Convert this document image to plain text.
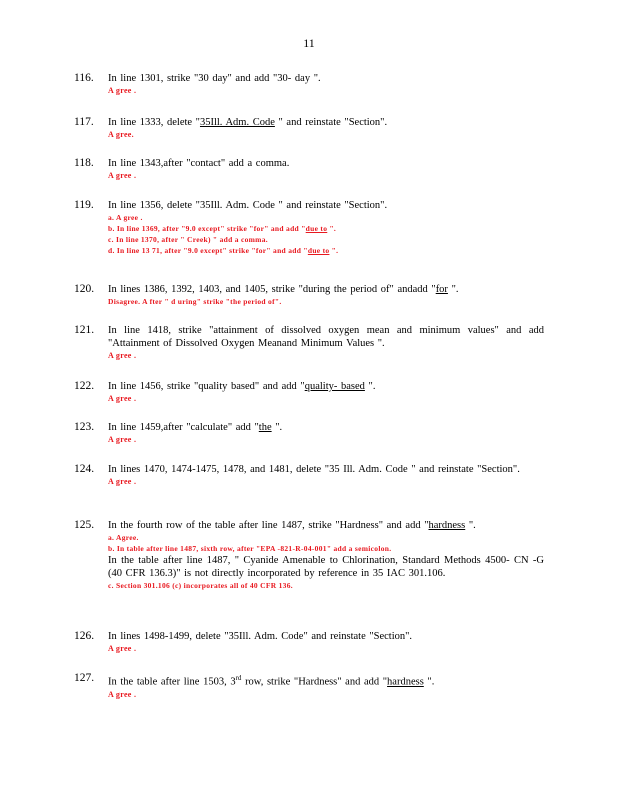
11
116. In line 1301, strike "30 day" and add "30- day ".
A gree .
117. In line 1333, delete "35Ill. Adm. Code " and reinstate "Section".
A gree.
118. In line 1343,after "contact" add a comma.
A gree .
119. In line 1356, delete "35Ill. Adm. Code " and reinstate "Section".
a. A gree .
b. In line 1369, after "9.0 except" strike "for" and add "due to ".
c. In line 1370, after " Creek) " add a comma.
d. In line 13 71, after "9.0 except" strike "for" and add "due to ".
120. In lines 1386, 1392, 1403, and 1405, strike "during the period of" andadd "for ".
Disagree. A fter " d uring" strike "the period of".
121. In line 1418, strike "attainment of dissolved oxygen mean and minimum values" and add "Attainment of Dissolved Oxygen Meanand Minimum Values ".
A gree .
122. In line 1456, strike "quality based" and add "quality- based ".
A gree .
123. In line 1459,after "calculate" add "the ".
A gree .
124. In lines 1470, 1474-1475, 1478, and 1481, delete "35 Ill. Adm. Code " and reinstate "Section".
A gree .
125. In the fourth row of the table after line 1487, strike "Hardness" and add "hardness ".
a. Agree.
b. In table after line 1487, sixth row, after "EPA -821-R-04-001" add a semicolon.
In the table after line 1487, " Cyanide Amenable to Chlorination, Standard Methods 4500- CN -G (40 CFR 136.3)" is not directly incorporated by reference in 35 IAC 301.106.
c. Section 301.106 (c) incorporates all of 40 CFR 136.
126. In lines 1498-1499, delete "35Ill. Adm. Code" and reinstate "Section".
A gree .
127. In the table after line 1503, 3rd row, strike "Hardness" and add "hardness ".
A gree .
